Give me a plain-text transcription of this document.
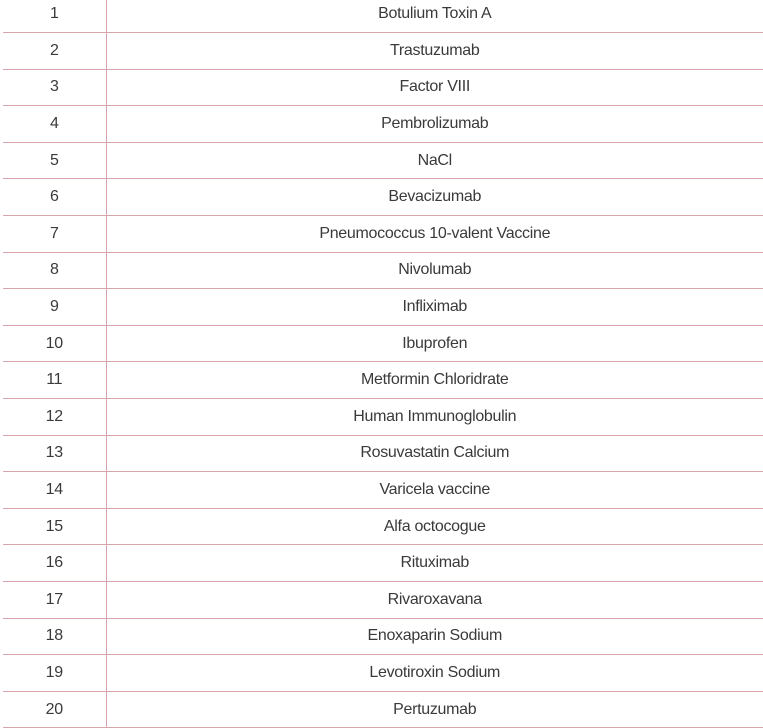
1	Botulium Toxin A
2	Trastuzumab
3	Factor VIII
4	Pembrolizumab
5	NaCl
6	Bevacizumab
7	Pneumococcus 10-valent Vaccine
8	Nivolumab
9	Infliximab
10	Ibuprofen
11	Metformin Chloridrate
12	Human Immunoglobulin
13	Rosuvastatin Calcium
14	Varicela vaccine
15	Alfa octocogue
16	Rituximab
17	Rivaroxavana
18	Enoxaparin Sodium
19	Levotiroxin Sodium
20	Pertuzumab
